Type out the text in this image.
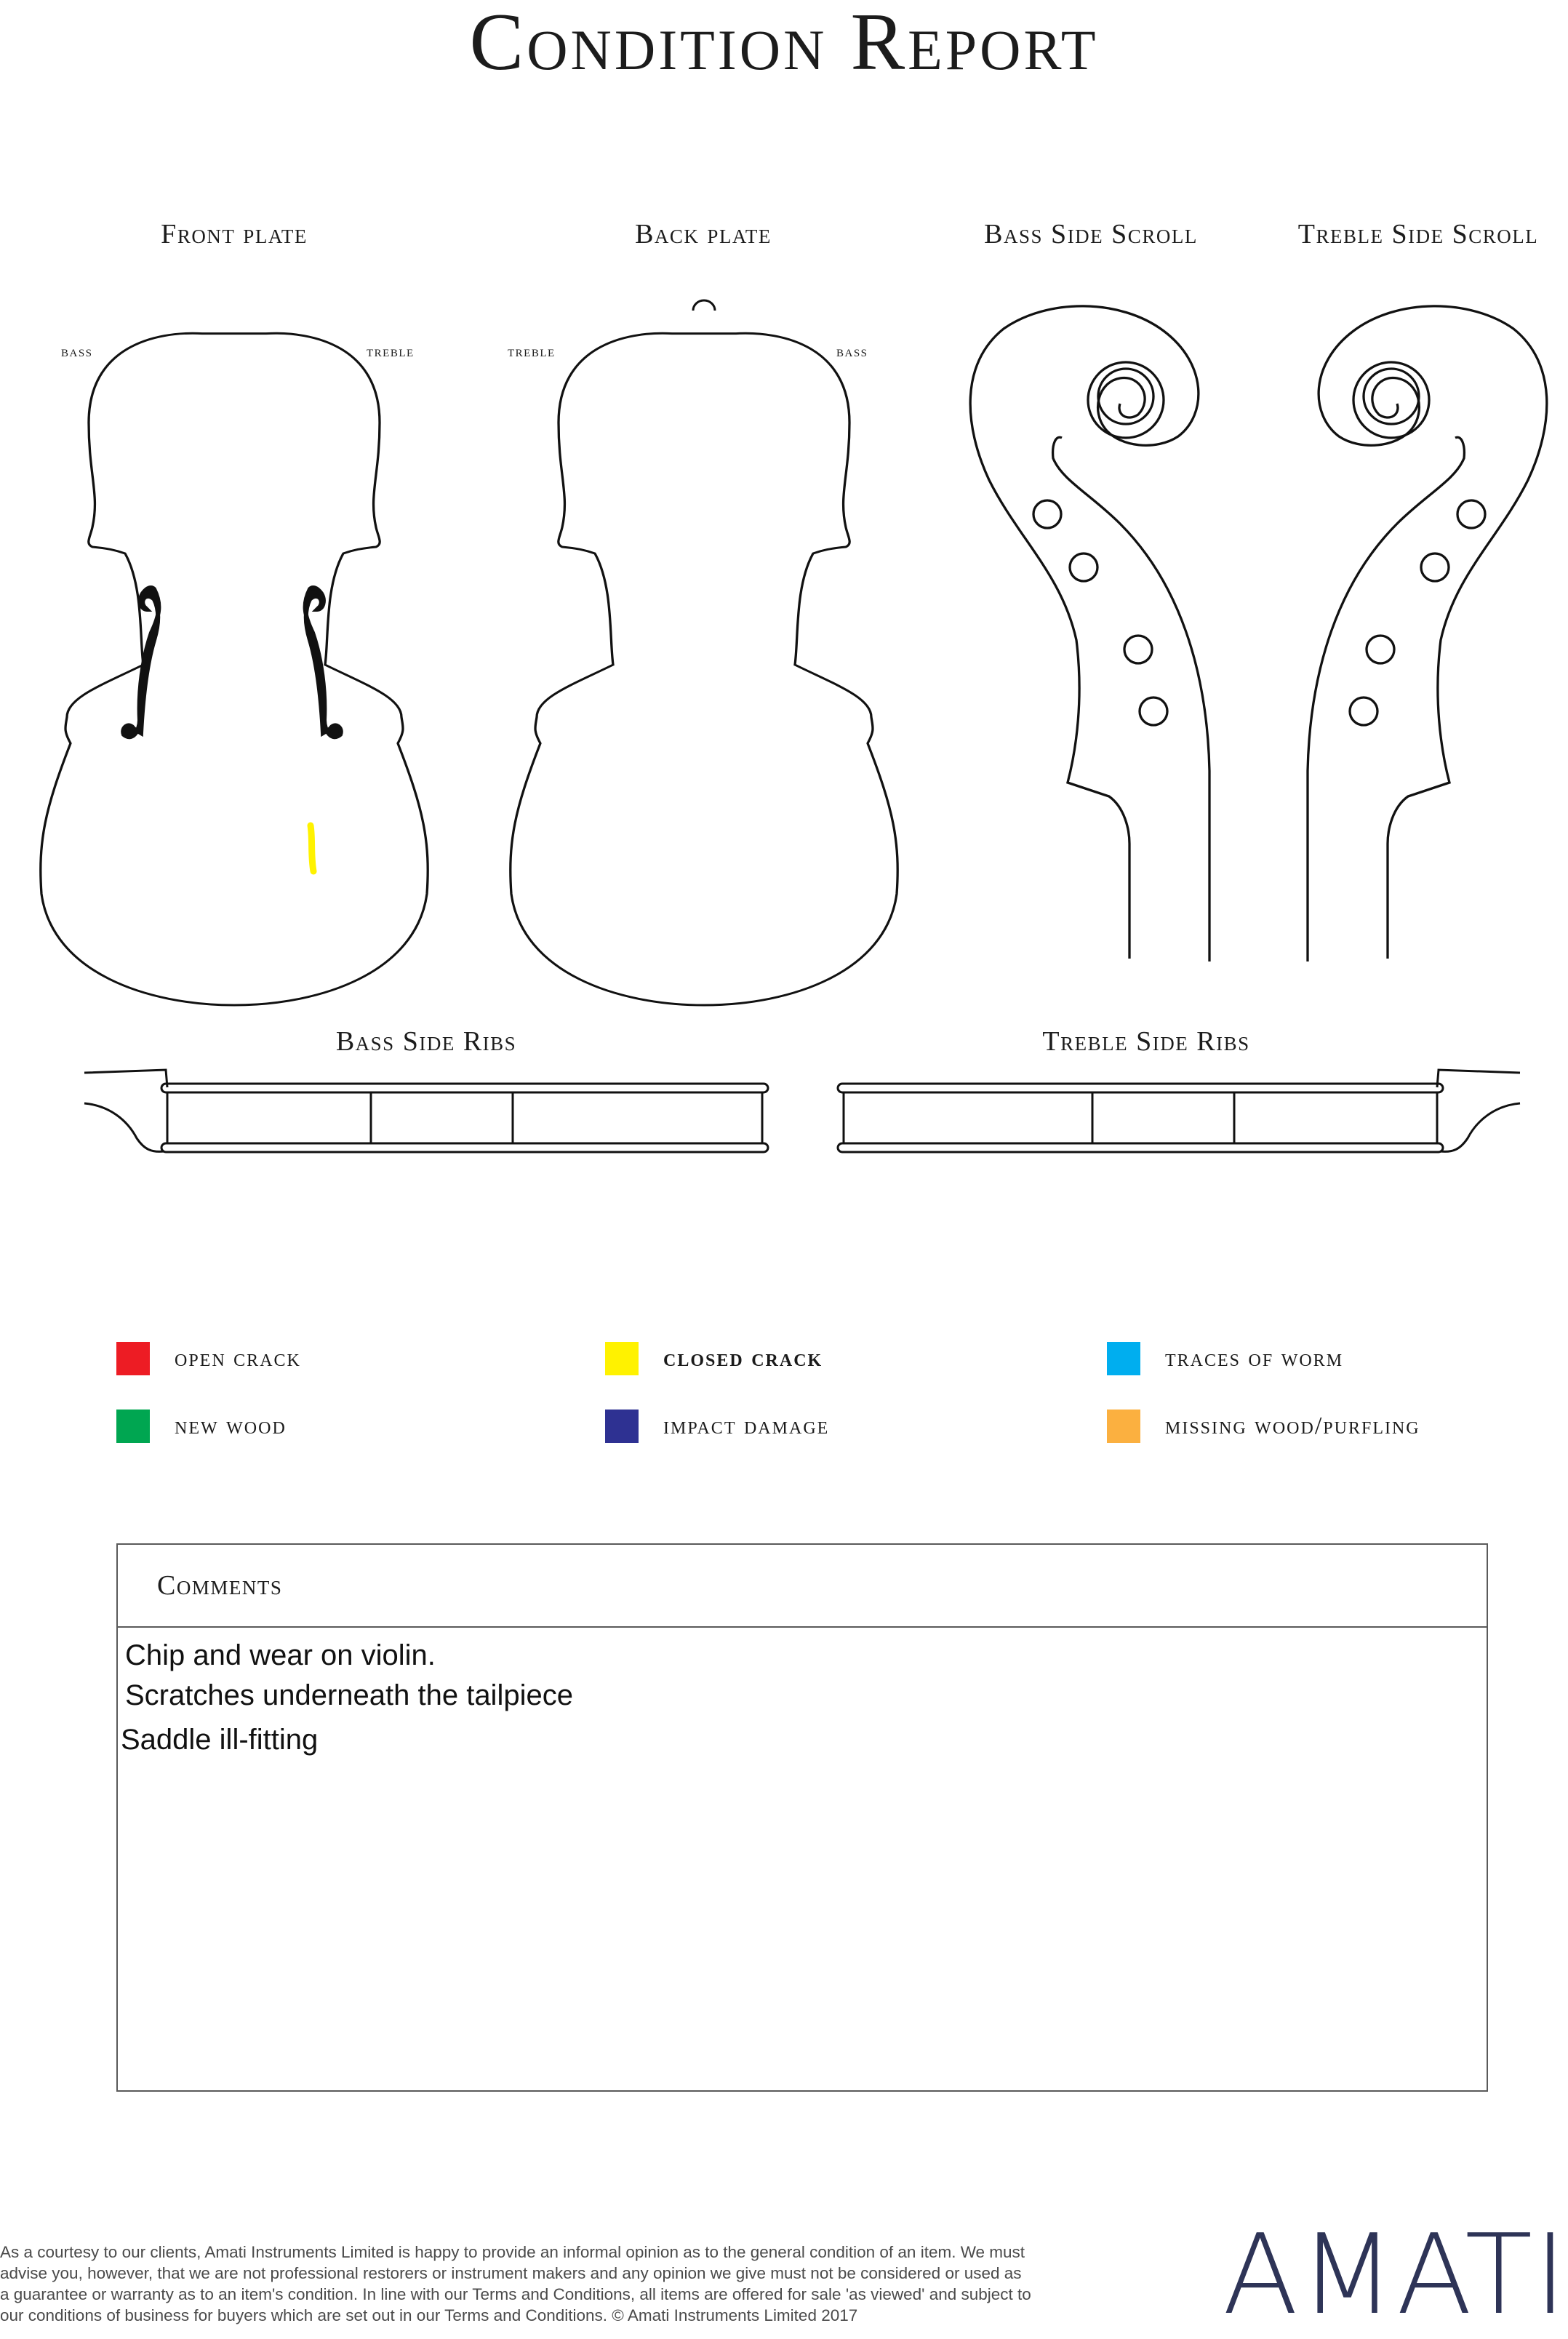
Condition Report
Front plate	Back plate	Bass Side Scroll	Treble Side Scroll
Bass Side Ribs	Treble Side Ribs
bass	treble	treble	bass
open crack	closed crack	traces of worm
new wood	impact damage	missing wood/purfling
Comments
Chip and wear on violin.
Scratches underneath the tailpiece
Saddle ill-fitting
As a courtesy to our clients, Amati Instruments Limited is happy to provide an informal opinion as to the general condition of an item. We must
advise you, however, that we are not professional restorers or instrument makers and any opinion we give must not be considered or used as
a guarantee or warranty as to an item's condition. In line with our Terms and Conditions, all items are offered for sale 'as viewed' and subject to
our conditions of business for buyers which are set out in our Terms and Conditions. © Amati Instruments Limited 2017	AMATI
